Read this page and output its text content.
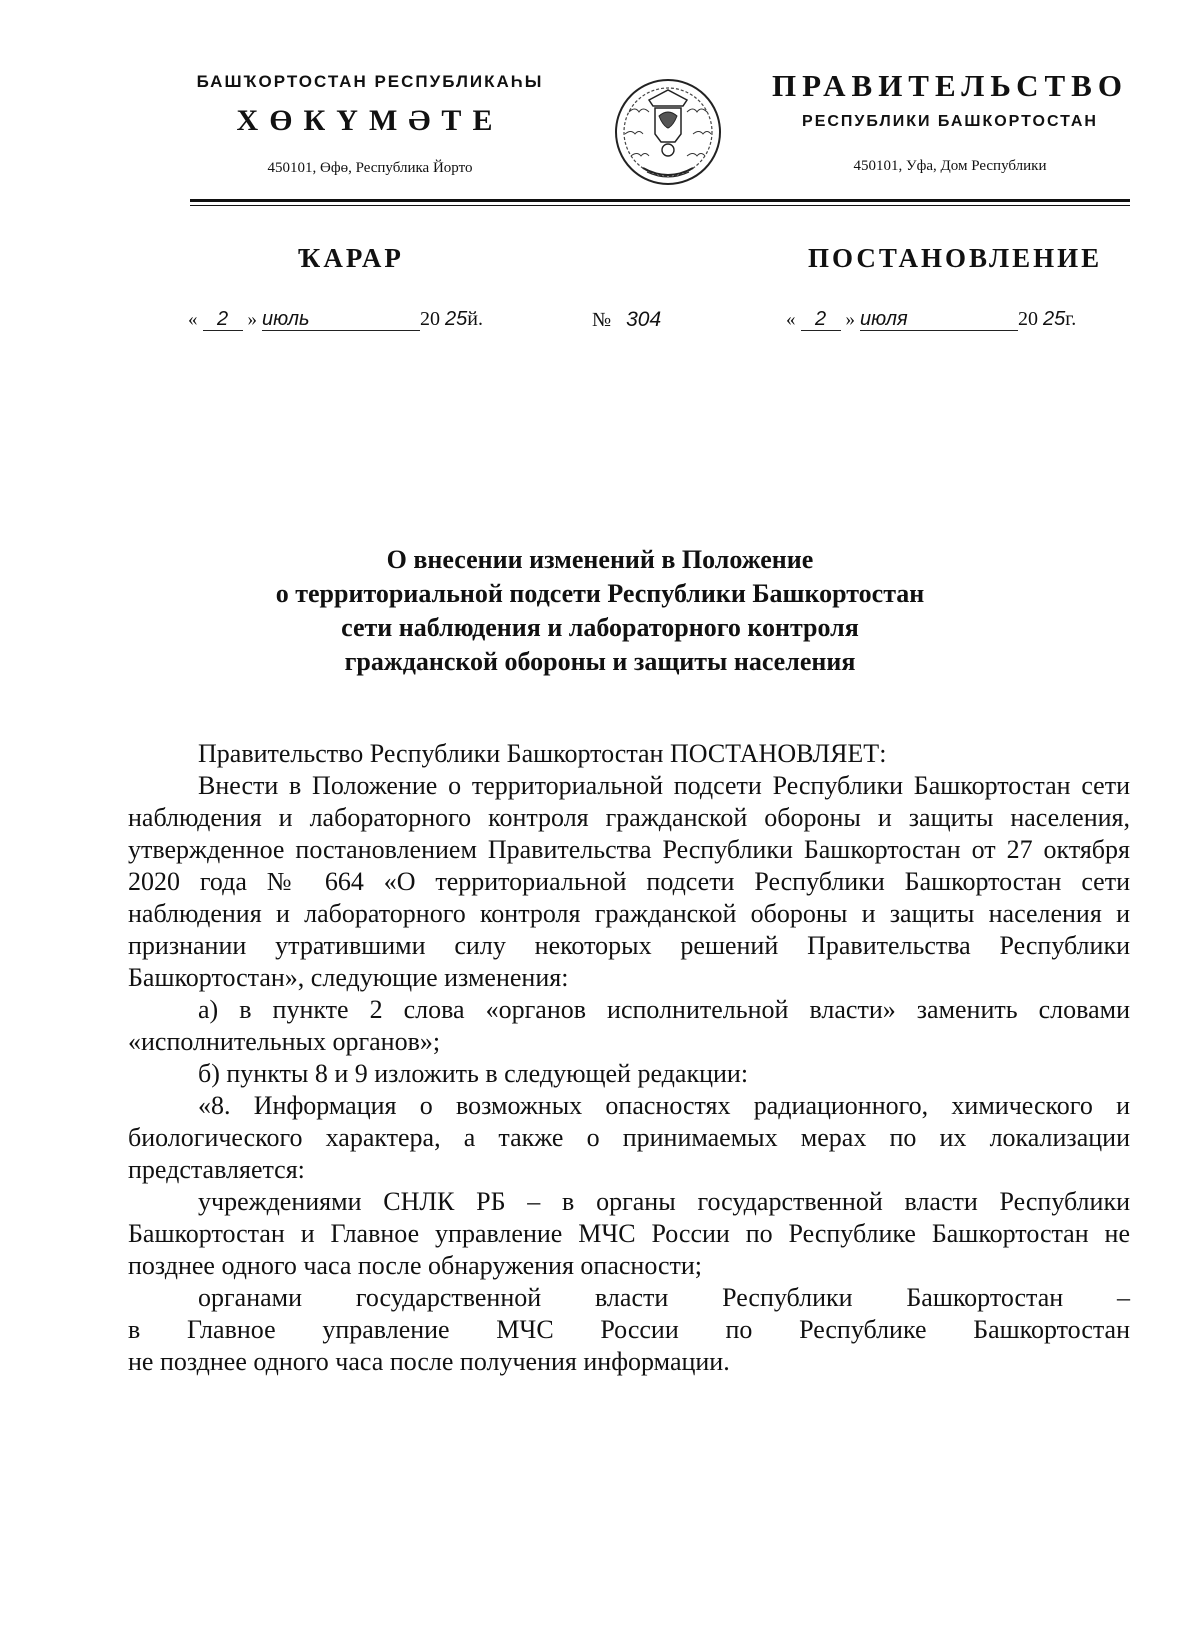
БАШҠОРТОСТАН РЕСПУБЛИКАҺЫ
ХӨКҮМӘТЕ
450101, Өфө, Республика Йорто
ПРАВИТЕЛЬСТВО
РЕСПУБЛИКИ БАШКОРТОСТАН
450101, Уфа, Дом Республики
ҠАРАР	ПОСТАНОВЛЕНИЕ
« 2 » июль	20 25й.	№ 304	« 2 » июля	20 25г.
О внесении изменений в Положение
о территориальной подсети Республики Башкортостан
сети наблюдения и лабораторного контроля
гражданской обороны и защиты населения

Правительство Республики Башкортостан ПОСТАНОВЛЯЕТ:

Внести в Положение о территориальной подсети Республики Башкортостан сети наблюдения и лабораторного контроля гражданской обороны и защиты населения, утвержденное постановлением Правительства Республики Башкортостан от 27 октября 2020 года № 664 «О территориальной подсети Республики Башкортостан сети наблюдения и лабораторного контроля гражданской обороны и защиты населения и признании утратившими силу некоторых решений Правительства Республики Башкортостан», следующие изменения:

а) в пункте 2 слова «органов исполнительной власти» заменить словами «исполнительных органов»;

б) пункты 8 и 9 изложить в следующей редакции:

«8. Информация о возможных опасностях радиационного, химического и биологического характера, а также о принимаемых мерах по их локализации представляется:

учреждениями СНЛК РБ – в органы государственной власти Республики Башкортостан и Главное управление МЧС России по Республике Башкортостан не позднее одного часа после обнаружения опасности;

органами государственной власти Республики Башкортостан –

в Главное управление МЧС России по Республике Башкортостан

не позднее одного часа после получения информации.
